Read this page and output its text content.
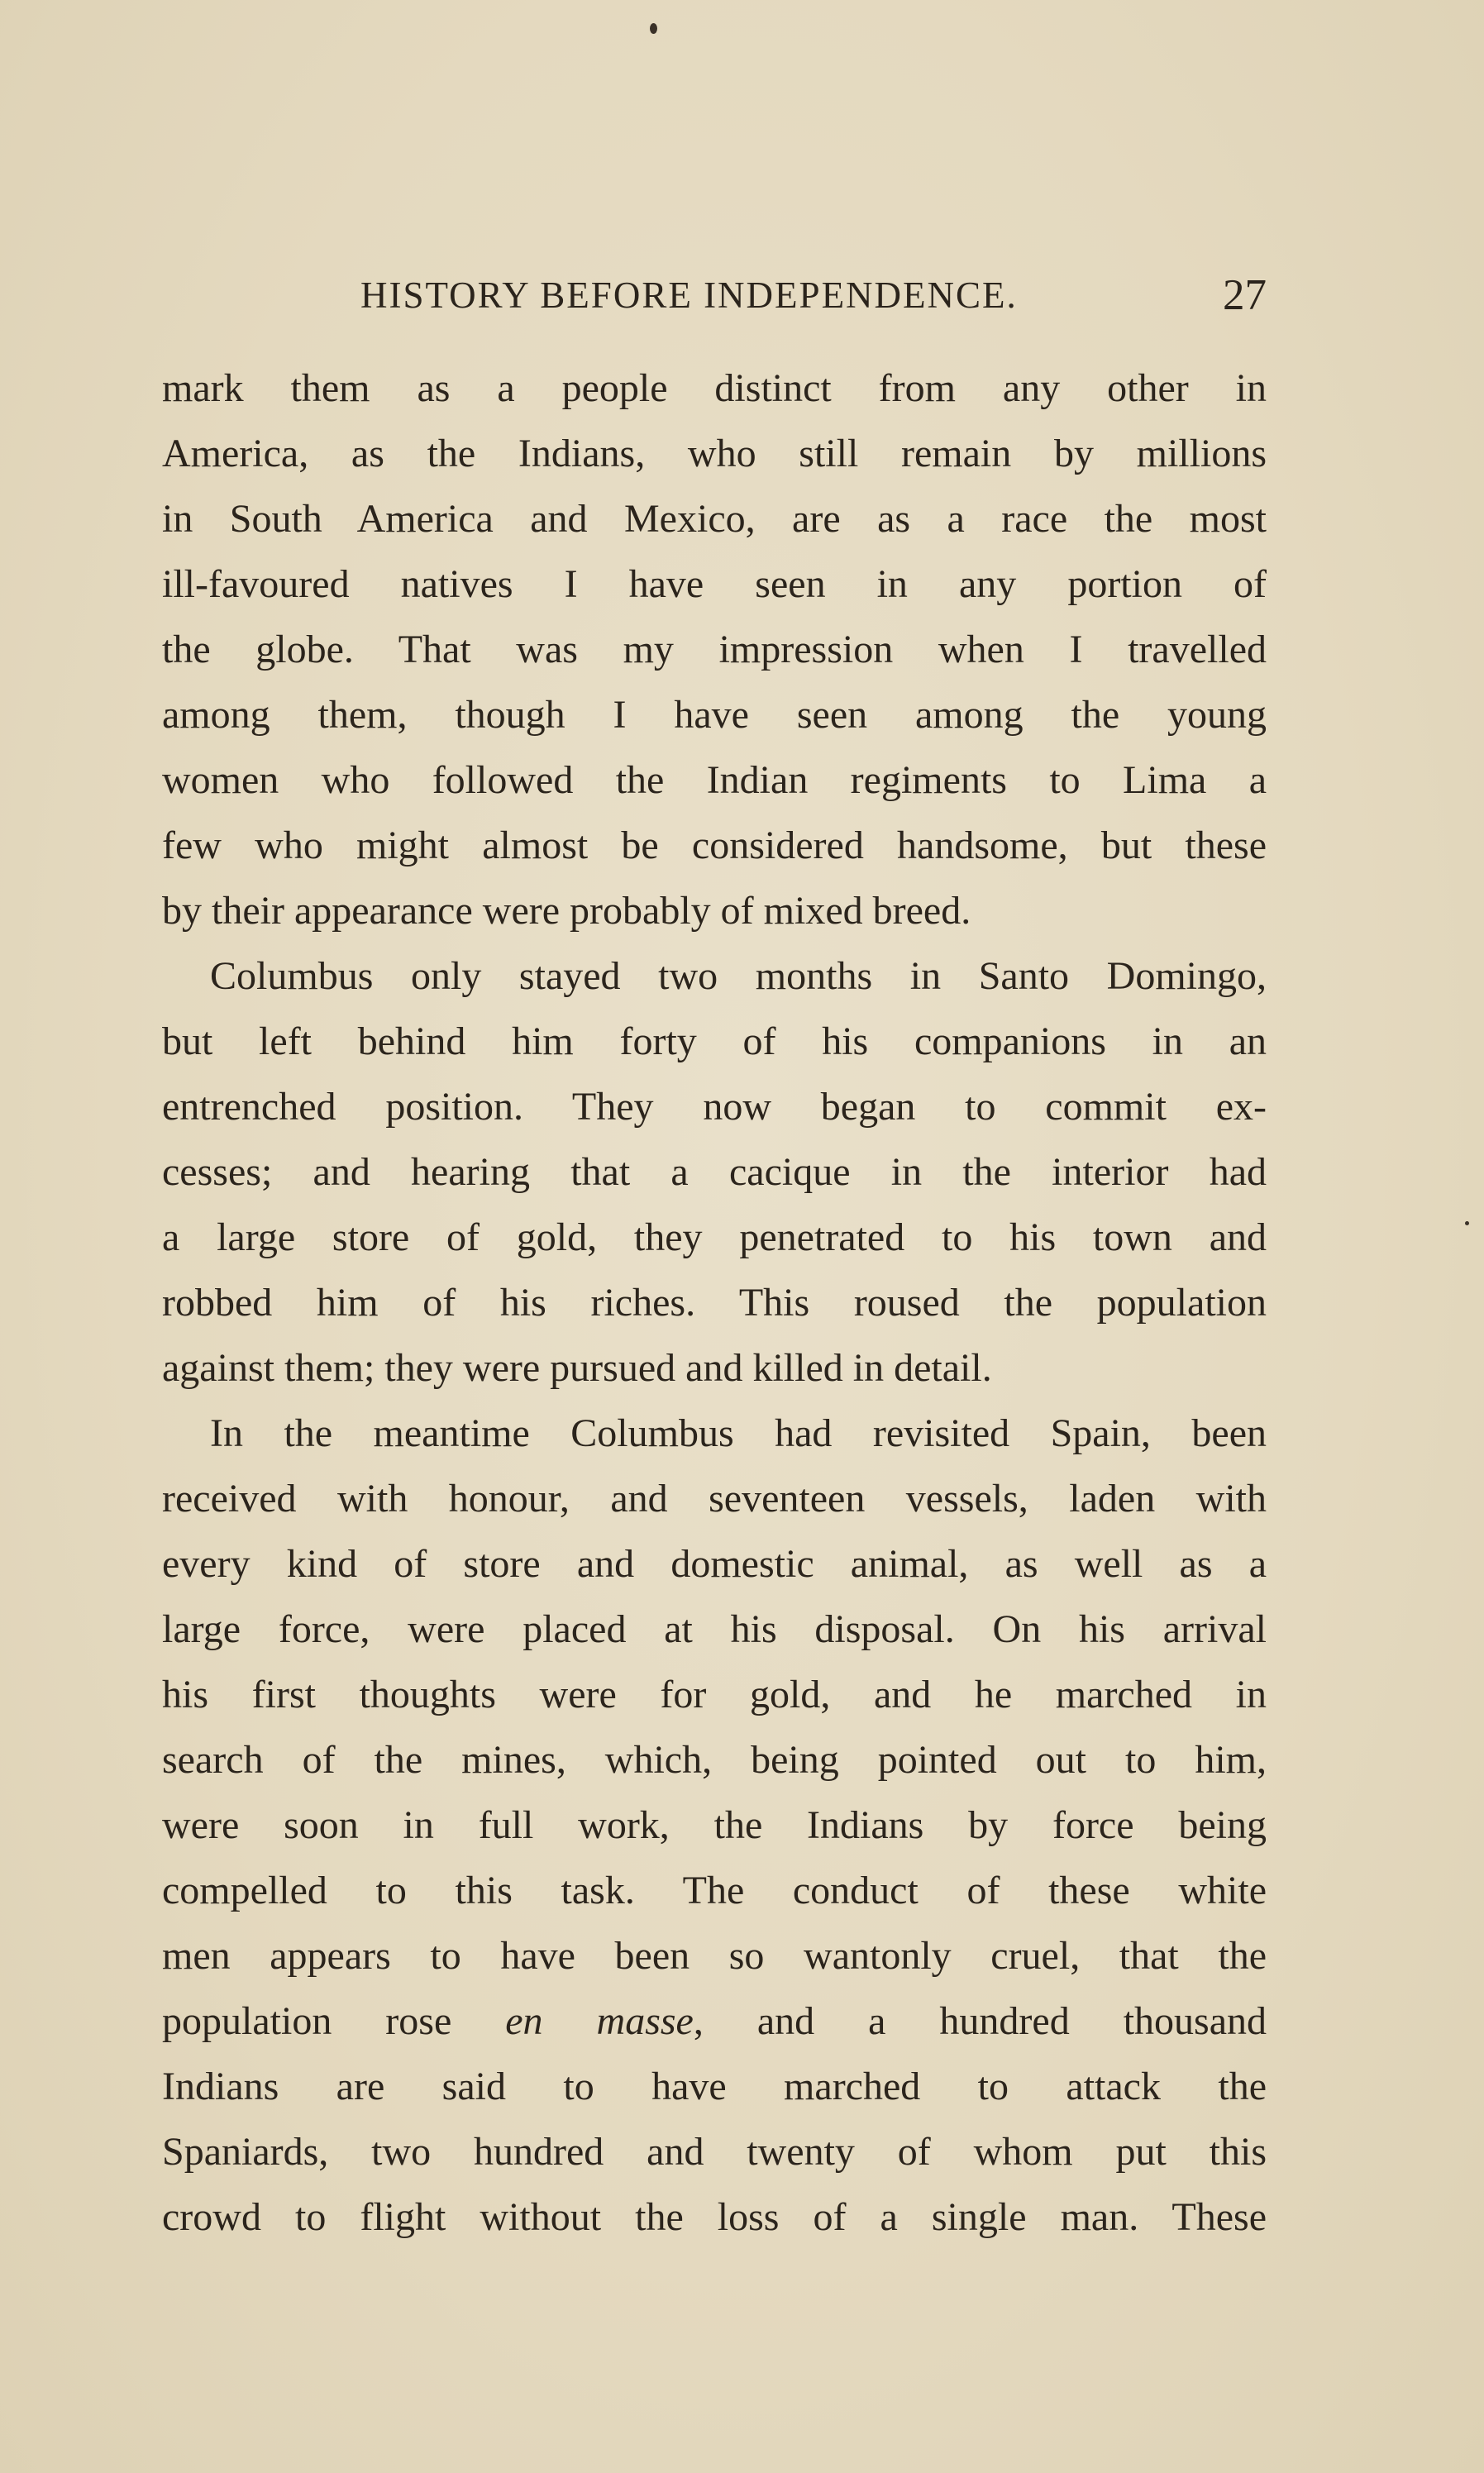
HISTORY BEFORE INDEPENDENCE.	27
mark them as a people distinct from any other in
America, as the Indians, who still remain by millions
in South America and Mexico, are as a race the most
ill-favoured natives I have seen in any portion of
the globe. That was my impression when I travelled
among them, though I have seen among the young
women who followed the Indian regiments to Lima a
few who might almost be considered handsome, but these
by their appearance were probably of mixed breed.
Columbus only stayed two months in Santo Domingo,
but left behind him forty of his companions in an
entrenched position. They now began to commit ex-
cesses; and hearing that a cacique in the interior had
a large store of gold, they penetrated to his town and
robbed him of his riches. This roused the population
against them; they were pursued and killed in detail.
In the meantime Columbus had revisited Spain, been
received with honour, and seventeen vessels, laden with
every kind of store and domestic animal, as well as a
large force, were placed at his disposal. On his arrival
his first thoughts were for gold, and he marched in
search of the mines, which, being pointed out to him,
were soon in full work, the Indians by force being
compelled to this task. The conduct of these white
men appears to have been so wantonly cruel, that the
population rose en masse, and a hundred thousand
Indians are said to have marched to attack the
Spaniards, two hundred and twenty of whom put this
crowd to flight without the loss of a single man. These
